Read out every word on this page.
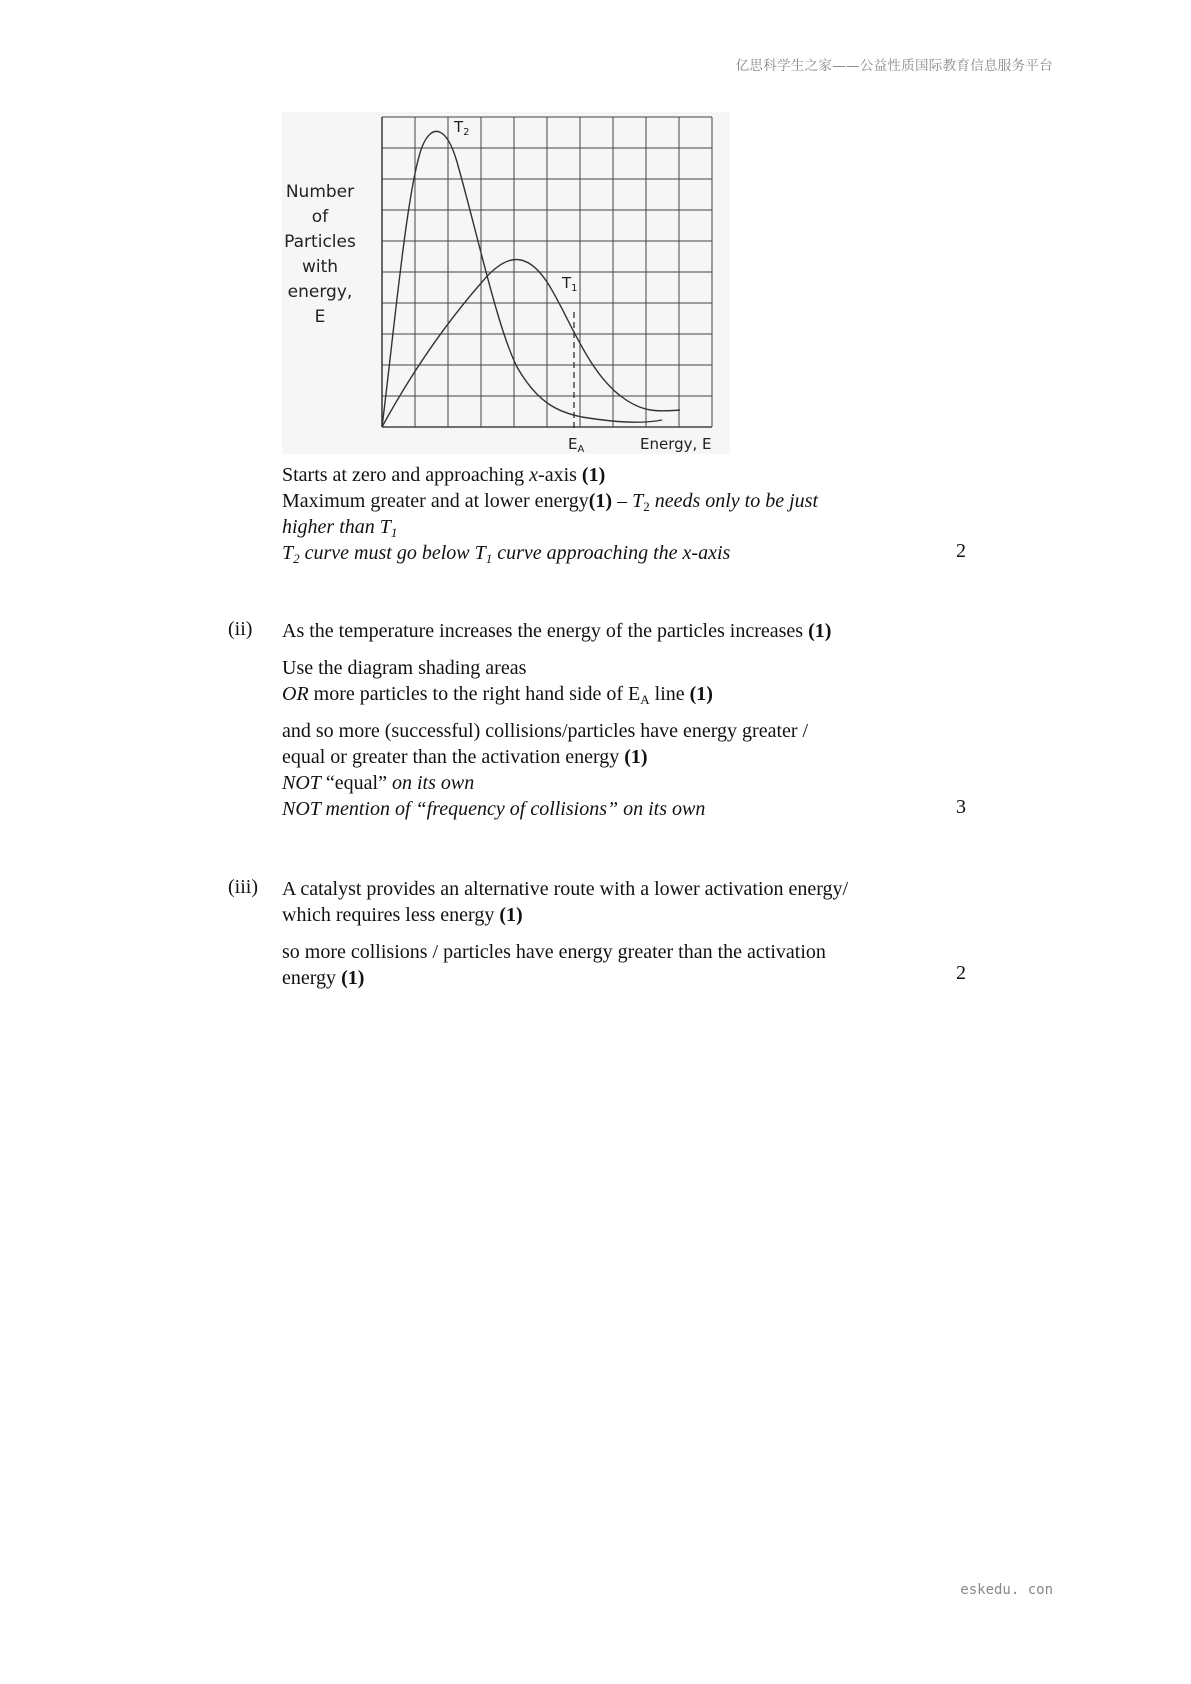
亿思科学生之家——公益性质国际教育信息服务平台
Number
of
Particles
with
energy,
E
$T_2$
$T_1$
$E_A$	Energy, E

Starts at zero and approaching x-axis (1)

Maximum greater and at lower energy(1) – $T_2$ needs only to be just

higher than $T_1$

$T_2$ curve must go below $T_1$ curve approaching the x-axis	2
(ii) As the temperature increases the energy of the particles increases (1)

Use the diagram shading areas

OR more particles to the right hand side of $E_A$ line (1)

and so more (successful) collisions/particles have energy greater /

equal or greater than the activation energy (1)

NOT “equal” on its own

NOT mention of “frequency of collisions” on its own	3
(iii) A catalyst provides an alternative route with a lower activation energy/

which requires less energy (1)

so more collisions / particles have energy greater than the activation

energy (1)	2
eskedu. con
